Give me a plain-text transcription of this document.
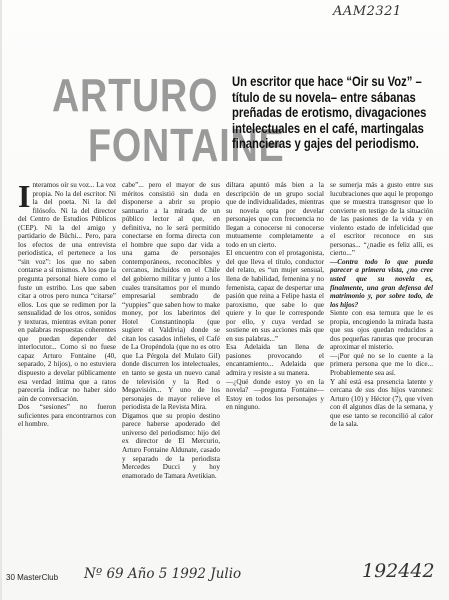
AAM2321
ARTURO
FONTAINE
Un escritor que hace “Oir su Voz” –título de su novela– entre sábanas preñadas de erotismo, divagaciones intelectuales en el café, martingalas financieras y gajes del periodismo.
I nteramos oír su voz... La voz propia. No la del escritor. Ni la del poeta. Ni la del filósofo. Ni la del director del Centro de Estudios Públicos (CEP). Ni la del amigo y partidario de Büchi... Pero, para los efectos de una entrevista periodística, el pertenece a los “sin voz”: los que no saben contarse a sí mismos. A los que la pregunta personal hiere como el fuste un estribo. Los que saben citar a otros pero nunca “citarse” ellos. Los que se redimen por la sensualidad de los otros, sonidos y texturas, mientras evitan poner en palabras respuestas coherentes que puedan depender del interlocutor... Como si no fuese capaz Arturo Fontaine (40, separado, 2 hijos), o no estuviera dispuesto a develar públicamente esa verdad íntima que a ratos parecería indicar no haber sido aún de conversación.

Dos “sesiones” no fueron suficientes para encontrarnos con el hombre.

cabe”... pero el mayor de sus méritos consistió sin duda en disponerse a abrir su propio santuario a la mirada de un público lector al que, en definitiva, no le será permitido conectarse en forma directa con el hombre que supo dar vida a una gama de personajes contemporáneos, reconocibles y cercanos, incluidos en el Chile del gobierno militar y junto a los cuales transitamos por el mundo empresarial sembrado de “yuppies” que saben how to make money, por los laberintos del Hotel Constantinopla (que sugiere el Valdivia) donde se citan los casados infieles, el Café de La Oropéndola (que no es otro que La Pérgola del Mulato Gil) donde discurren los intelectuales, en tanto se gesta un nuevo canal de televisión y la Red o Megavisión... Y uno de los personajes de mayor relieve el periodista de la Revista Mira.

Digamos que su propio destino parece haberse apoderado del universo del periodismo: hijo del ex director de El Mercurio, Arturo Fontaine Aldunate, casado y separado de la periodista Mercedes Ducci y hoy enamorado de Tamara Avetikian.

diltara apuntó más bien a la descripción de un grupo social que de individualidades, mientras su novela opta por develar personajes que con frecuencia no llegan a conocerse ni conocerse mutuamente completamente a todo en un cierto.

El encuentro con el protagonista, del que lleva el título, conductor del relato, es “un mujer sensual, llena de habilidad, femenina y no femenista, capaz de despertar una pasión que reina a Felipe hasta el paroxismo, que sabe lo que quiere y lo que le corresponde por ello, y cuya verdad se sostiene en sus acciones más que en sus palabras...”

Esa Adelaida tan llena de pasiones provocando el encantamiento... Adelaida que admira y resiste a su manera.

—¿Qué donde estoy yo en la novela? —pregunta Fontaine— Estoy en todos los personajes y en ninguno.

se sumerja más a gusto entre sus lucubraciones que aquí le propongo que se muestra transgresor que lo convierte en testigo de la situación de las pasiones de la vida y en violento estado de infelicidad que el escritor reconoce en sus personas... “¿nadie es feliz allí, es cierto...”

—Contra todo lo que pueda parecer a primera vista, ¿no cree usted que su novela es, finalmente, una gran defensa del matrimonio y, por sobre todo, de los hijos?

Siente con esa ternura que le es propia, encogiendo la mirada hasta que sus ojos quedan reducidos a dos pequeñas ranuras que procuran aproximar el misterio.

—¡Por qué no se lo cuente a la primera persona que me lo dice... Probablemente sea así.

Y ahí está esa presencia latente y cercana de sus dos hijos varones: Arturo (10) y Héctor (7), que viven con él algunos días de la semana, y que ese tanto se reconcilió al calor de la sala.

30 MasterClub Nº 69 Año 5 1992 Julio	192442
